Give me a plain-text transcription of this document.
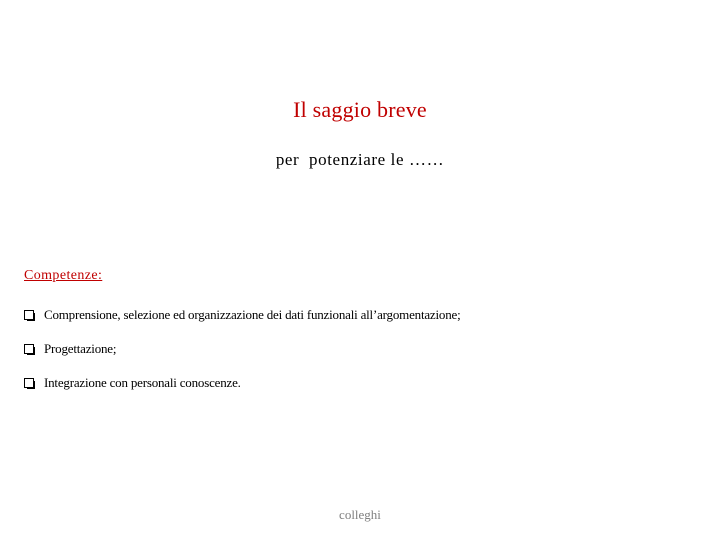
Il saggio breve
per  potenziare le ……
Competenze:
Comprensione, selezione ed organizzazione dei dati funzionali all’argomentazione;
Progettazione;
Integrazione con personali conoscenze.
colleghi
